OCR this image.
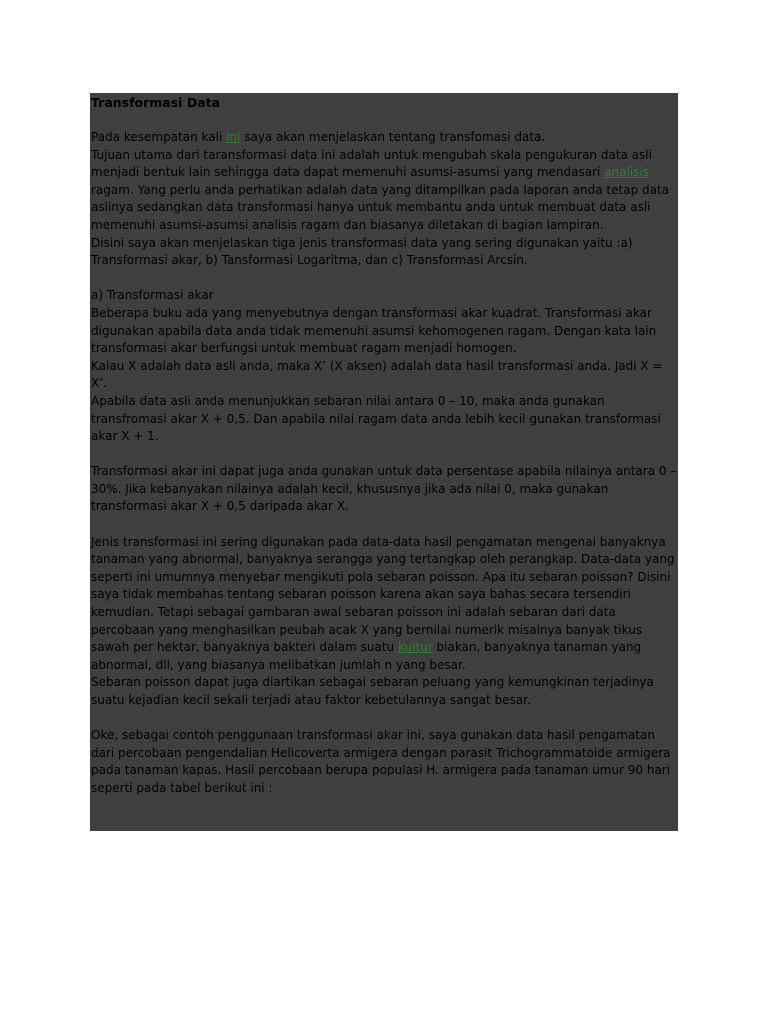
Transformasi Data

Pada kesempatan kali ini saya akan menjelaskan tentang transfomasi data.

Tujuan utama dari taransformasi data ini adalah untuk mengubah skala pengukuran data asli menjadi bentuk lain sehingga data dapat memenuhi asumsi-asumsi yang mendasari analisis ragam. Yang perlu anda perhatikan adalah data yang ditampilkan pada laporan anda tetap data aslinya sedangkan data transformasi hanya untuk membantu anda untuk membuat data asli memenuhi asumsi-asumsi analisis ragam dan biasanya diletakan di bagian lampiran.

Disini saya akan menjelaskan tiga jenis transformasi data yang sering digunakan yaitu :a) Transformasi akar, b) Tansformasi Logaritma, dan c) Transformasi Arcsin.

a) Transformasi akar

Beberapa buku ada yang menyebutnya dengan transformasi akar kuadrat. Transformasi akar digunakan apabila data anda tidak memenuhi asumsi kehomogenen ragam. Dengan kata lain transformasi akar berfungsi untuk membuat ragam menjadi homogen.

Kalau X adalah data asli anda, maka X’ (X aksen) adalah data hasil transformasi anda. Jadi X = X’.

Apabila data asli anda menunjukkan sebaran nilai antara 0 – 10, maka anda gunakan transfromasi akar X + 0,5. Dan apabila nilai ragam data anda lebih kecil gunakan transformasi akar X + 1.

Transformasi akar ini dapat juga anda gunakan untuk data persentase apabila nilainya antara 0 – 30%. Jika kebanyakan nilainya adalah kecil, khususnya jika ada nilai 0, maka gunakan transformasi akar X + 0,5 daripada akar X.

Jenis transformasi ini sering digunakan pada data-data hasil pengamatan mengenai banyaknya tanaman yang abnormal, banyaknya serangga yang tertangkap oleh perangkap. Data-data yang seperti ini umumnya menyebar mengikuti pola sebaran poisson. Apa itu sebaran poisson? Disini saya tidak membahas tentang sebaran poisson karena akan saya bahas secara tersendiri kemudian. Tetapi sebagai gambaran awal sebaran poisson ini adalah sebaran dari data percobaan yang menghasilkan peubah acak X yang bernilai numerik misalnya banyak tikus sawah per hektar, banyaknya bakteri dalam suatu kultur biakan, banyaknya tanaman yang abnormal, dll, yang biasanya melibatkan jumlah n yang besar.

Sebaran poisson dapat juga diartikan sebagai sebaran peluang yang kemungkinan terjadinya suatu kejadian kecil sekali terjadi atau faktor kebetulannya sangat besar.

Oke, sebagai contoh penggunaan transformasi akar ini, saya gunakan data hasil pengamatan dari percobaan pengendalian Helicoverta armigera dengan parasit Trichogrammatoide armigera pada tanaman kapas. Hasil percobaan berupa populasi H. armigera pada tanaman umur 90 hari seperti pada tabel berikut ini :
